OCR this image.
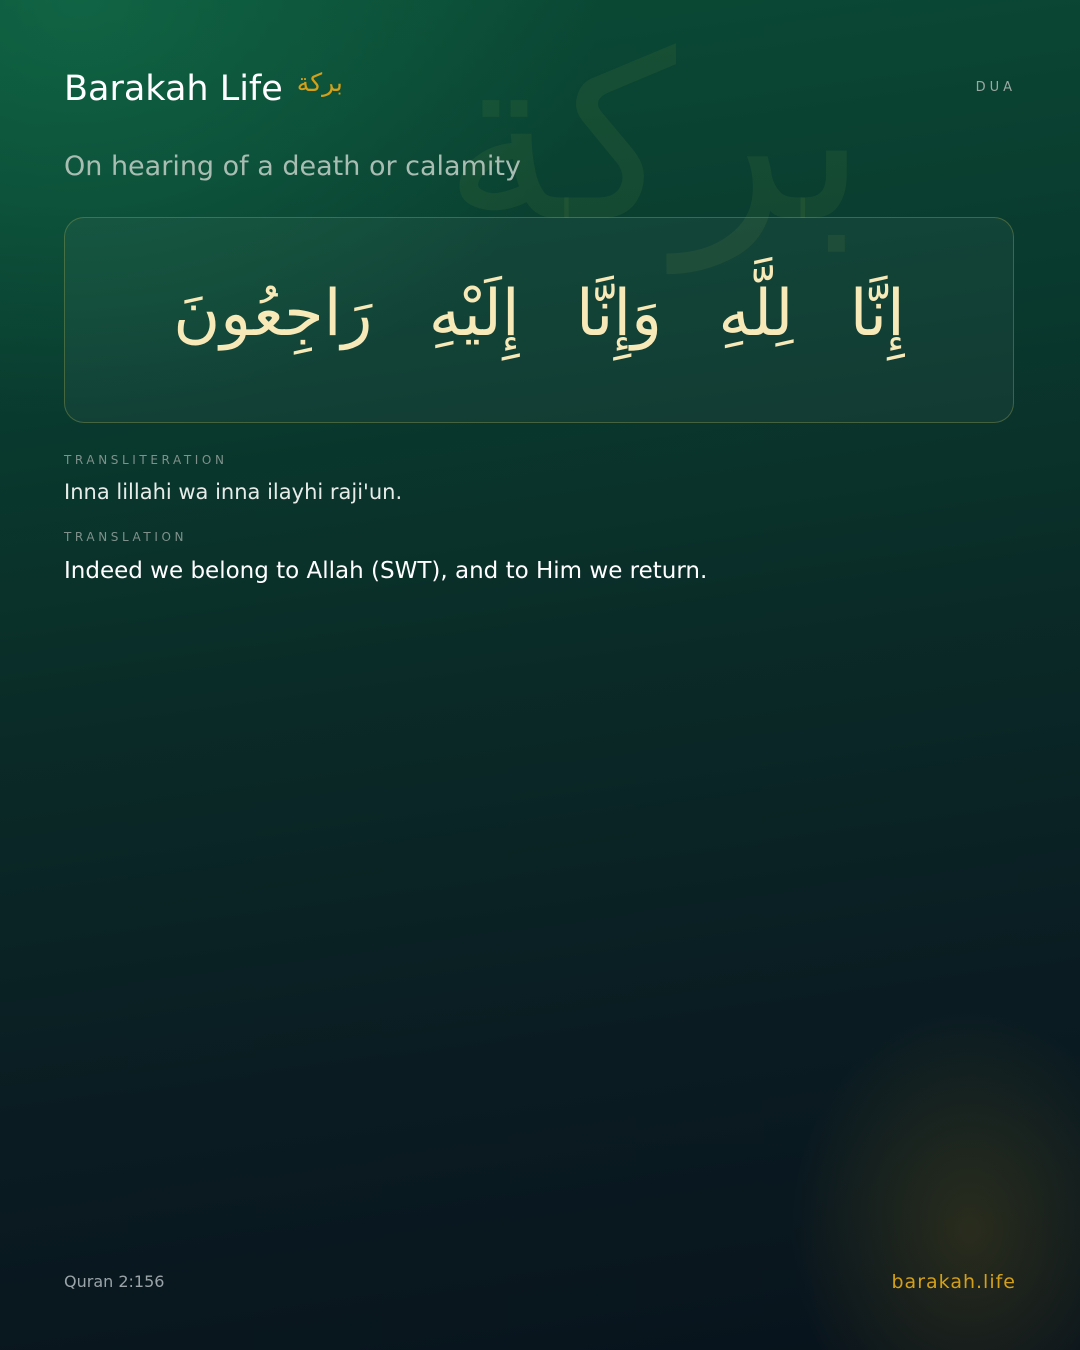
بركة
Barakah Life بركة	DUA
On hearing of a death or calamity
إِنَّا لِلَّهِ وَإِنَّا إِلَيْهِ رَاجِعُونَ
TRANSLITERATION
Inna lillahi wa inna ilayhi raji'un.
TRANSLATION
Indeed we belong to Allah (SWT), and to Him we return.
Quran 2:156	barakah.life
